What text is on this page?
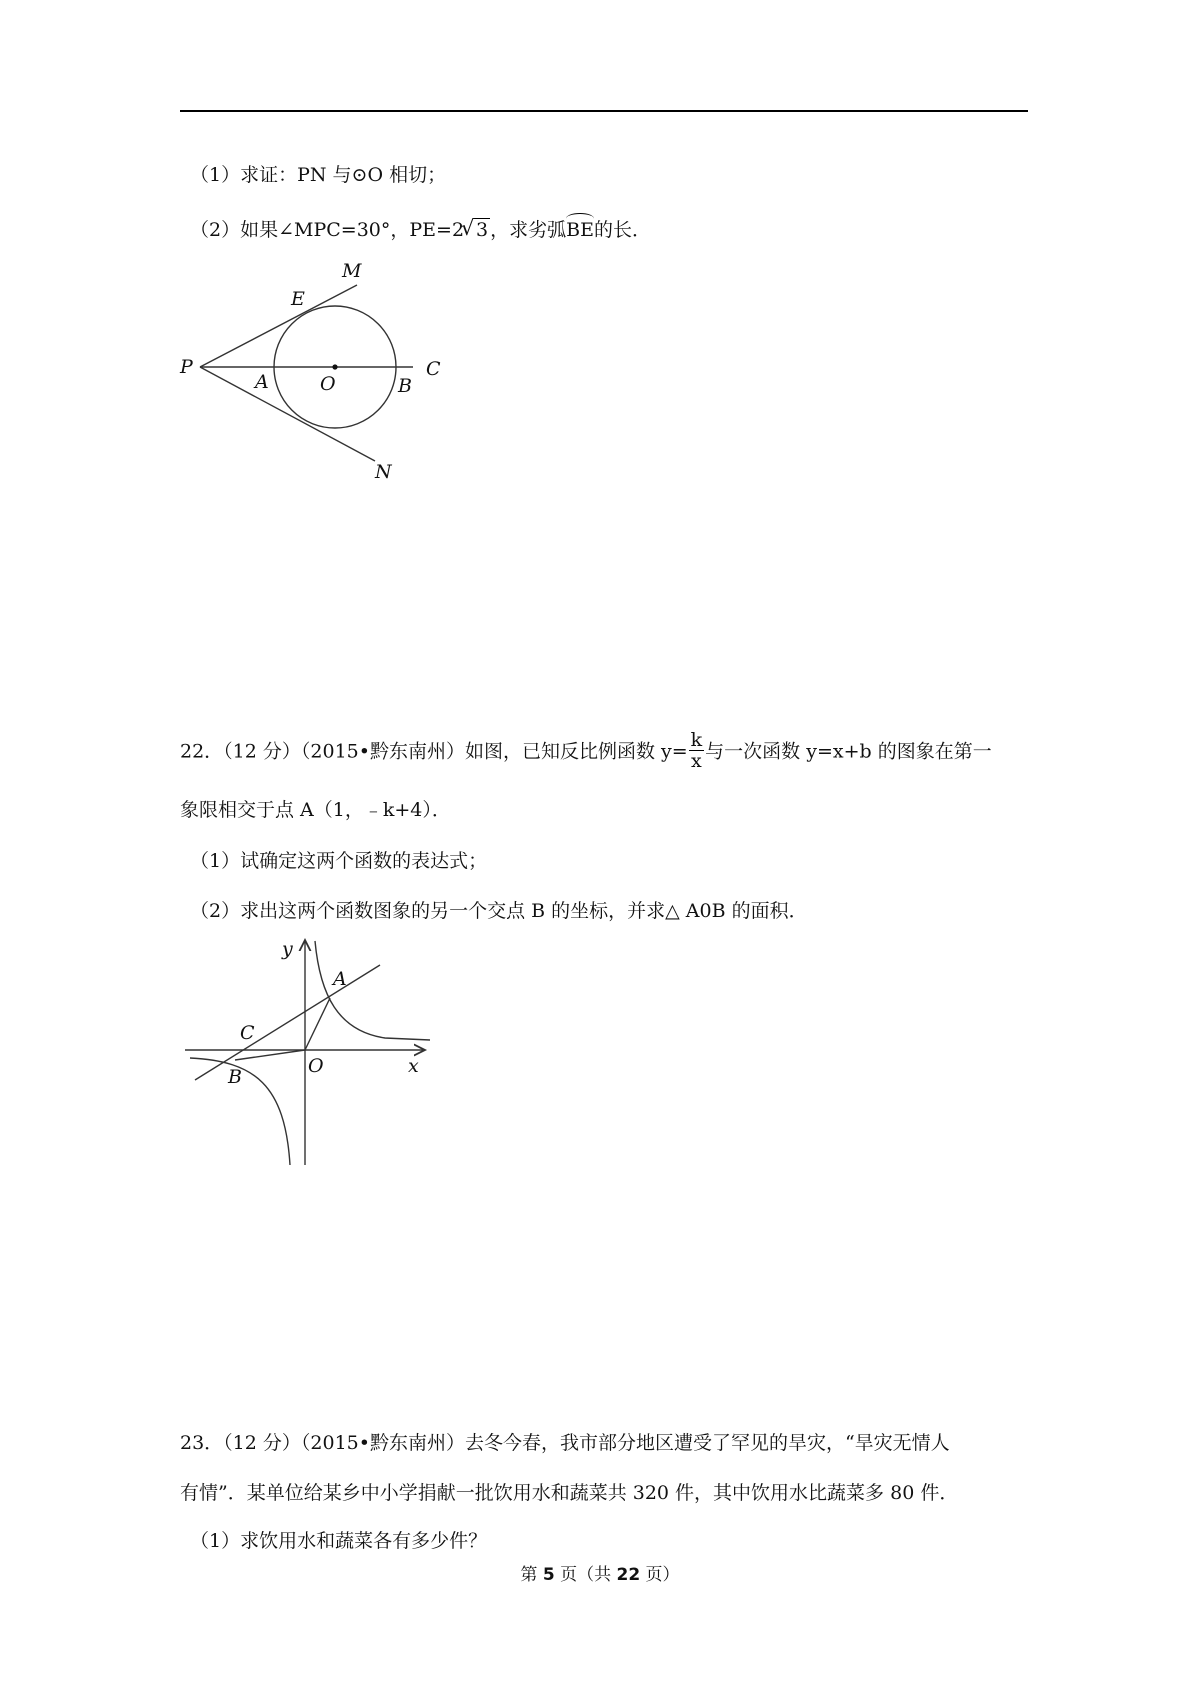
（1）求证：PN 与⊙O 相切；
（2）如果∠MPC=30°，PE=2√ 3 ，求劣弧BE的长．
M
E
P
A	O	B
C
N
22．（12 分）（2015•黔东南州）如图，已知反比例函数 $y= \frac{k}{x}$ 与一次函数 y=x+b 的图象在第一
象限相交于点 A（1，﹣k+4）．
（1）试确定这两个函数的表达式；
（2）求出这两个函数图象的另一个交点 B 的坐标，并求△ A0B 的面积．
y
x
A
C
O
B
23．（12 分）（2015•黔东南州）去冬今春，我市部分地区遭受了罕见的旱灾，“旱灾无情人
有情”．某单位给某乡中小学捐献一批饮用水和蔬菜共 320 件，其中饮用水比蔬菜多 80 件．
（1）求饮用水和蔬菜各有多少件？
第 5 页（共 22 页）
